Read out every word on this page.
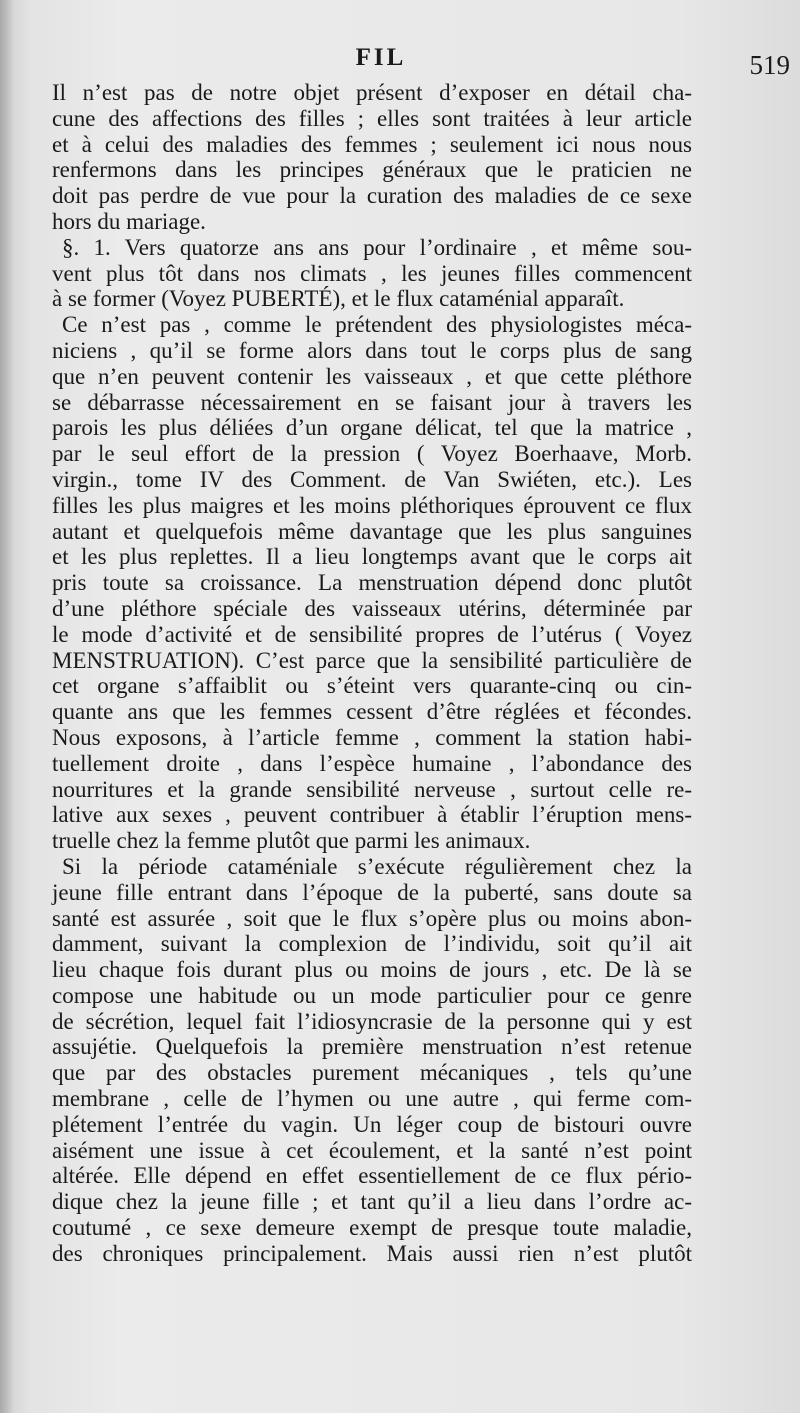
FIL	519
Il n’est pas de notre objet présent d’exposer en détail cha-
cune des affections des filles ; elles sont traitées à leur article
et à celui des maladies des femmes ; seulement ici nous nous
renfermons dans les principes généraux que le praticien ne
doit pas perdre de vue pour la curation des maladies de ce sexe
hors du mariage.
§. 1. Vers quatorze ans ans pour l’ordinaire , et même sou-
vent plus tôt dans nos climats , les jeunes filles commencent
à se former (Voyez PUBERTÉ), et le flux cataménial apparaît.
Ce n’est pas , comme le prétendent des physiologistes méca-
niciens , qu’il se forme alors dans tout le corps plus de sang
que n’en peuvent contenir les vaisseaux , et que cette pléthore
se débarrasse nécessairement en se faisant jour à travers les
parois les plus déliées d’un organe délicat, tel que la matrice ,
par le seul effort de la pression ( Voyez Boerhaave, Morb.
virgin., tome IV des Comment. de Van Swiéten, etc.). Les
filles les plus maigres et les moins pléthoriques éprouvent ce flux
autant et quelquefois même davantage que les plus sanguines
et les plus replettes. Il a lieu longtemps avant que le corps ait
pris toute sa croissance. La menstruation dépend donc plutôt
d’une pléthore spéciale des vaisseaux utérins, déterminée par
le mode d’activité et de sensibilité propres de l’utérus ( Voyez
MENSTRUATION). C’est parce que la sensibilité particulière de
cet organe s’affaiblit ou s’éteint vers quarante-cinq ou cin-
quante ans que les femmes cessent d’être réglées et fécondes.
Nous exposons, à l’article femme , comment la station habi-
tuellement droite , dans l’espèce humaine , l’abondance des
nourritures et la grande sensibilité nerveuse , surtout celle re-
lative aux sexes , peuvent contribuer à établir l’éruption mens-
truelle chez la femme plutôt que parmi les animaux.
Si la période cataméniale s’exécute régulièrement chez la
jeune fille entrant dans l’époque de la puberté, sans doute sa
santé est assurée , soit que le flux s’opère plus ou moins abon-
damment, suivant la complexion de l’individu, soit qu’il ait
lieu chaque fois durant plus ou moins de jours , etc. De là se
compose une habitude ou un mode particulier pour ce genre
de sécrétion, lequel fait l’idiosyncrasie de la personne qui y est
assujétie. Quelquefois la première menstruation n’est retenue
que par des obstacles purement mécaniques , tels qu’une
membrane , celle de l’hymen ou une autre , qui ferme com-
plétement l’entrée du vagin. Un léger coup de bistouri ouvre
aisément une issue à cet écoulement, et la santé n’est point
altérée. Elle dépend en effet essentiellement de ce flux pério-
dique chez la jeune fille ; et tant qu’il a lieu dans l’ordre ac-
coutumé , ce sexe demeure exempt de presque toute maladie,
des chroniques principalement. Mais aussi rien n’est plutôt
